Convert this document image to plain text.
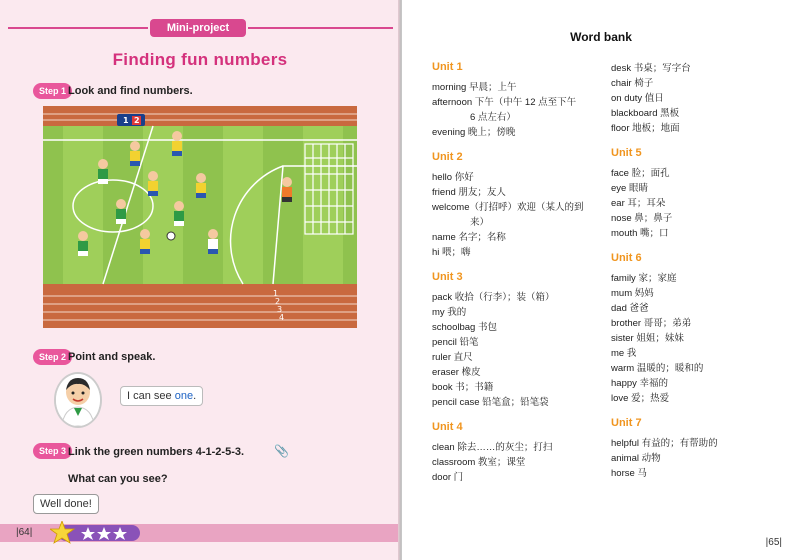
Mini-project
Finding fun numbers
Step 1 Look and find numbers.
1 2
1
2
3
4
Step 2 Point and speak.
I can see one.
Step 3 Link the green numbers 4-1-2-5-3. 📎
What can you see?
Well done!
|64|
Word bank
Unit 1
morning 早晨；上午
afternoon 下午（中午 12 点至下午
6 点左右）
evening 晚上；傍晚
Unit 2
hello 你好
friend 朋友；友人
welcome（打招呼）欢迎（某人的到
来）
name 名字；名称
hi 喂；嗨
Unit 3
pack 收拾（行李）；装（箱）
my 我的
schoolbag 书包
pencil 铅笔
ruler 直尺
eraser 橡皮
book 书；书籍
pencil case 铅笔盒；铅笔袋
Unit 4
clean 除去……的灰尘；打扫
classroom 教室；课堂
door 门
desk 书桌；写字台
chair 椅子
on duty 值日
blackboard 黑板
floor 地板；地面
Unit 5
face 脸；面孔
eye 眼睛
ear 耳；耳朵
nose 鼻；鼻子
mouth 嘴；口
Unit 6
family 家；家庭
mum 妈妈
dad 爸爸
brother 哥哥；弟弟
sister 姐姐；妹妹
me 我
warm 温暖的；暖和的
happy 幸福的
love 爱；热爱
Unit 7
helpful 有益的；有帮助的
animal 动物
horse 马
|65|
